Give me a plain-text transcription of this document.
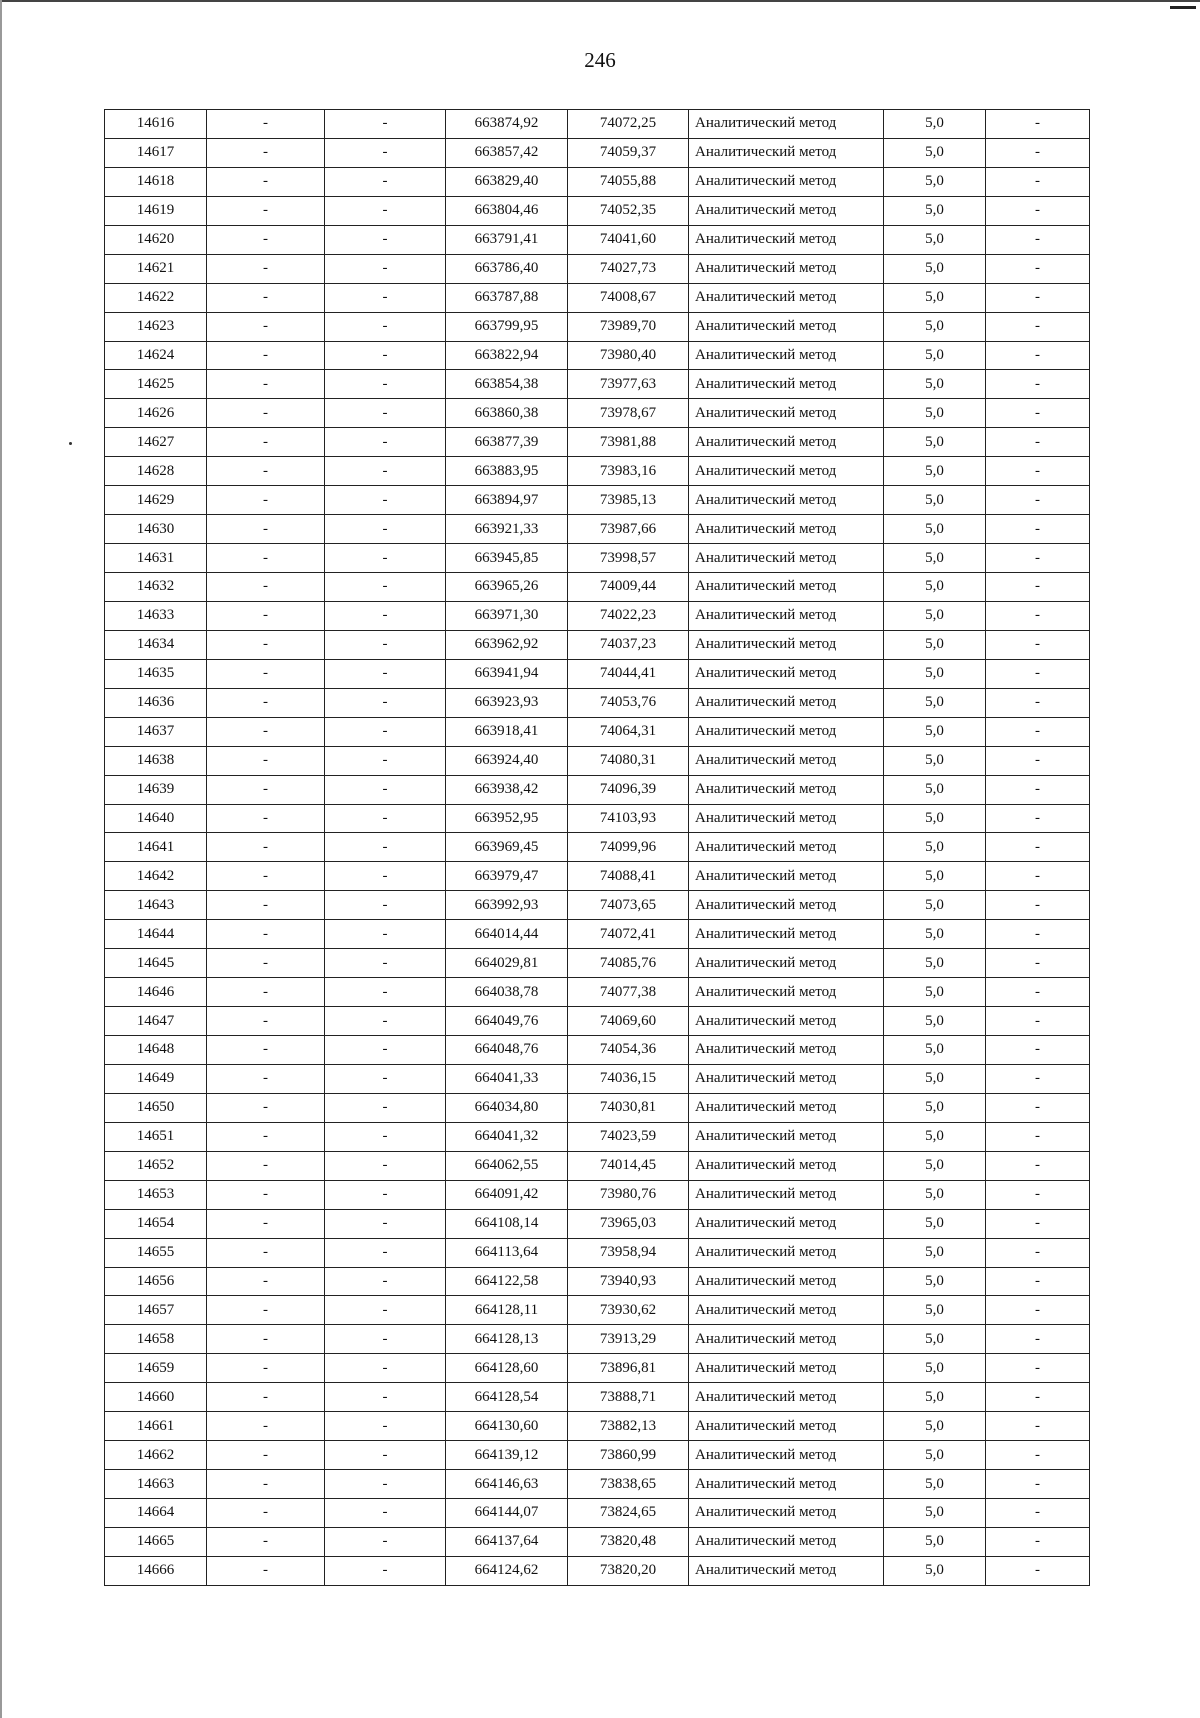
246
14616	-	-	663874,92	74072,25	Аналитический метод	5,0	-
14617	-	-	663857,42	74059,37	Аналитический метод	5,0	-
14618	-	-	663829,40	74055,88	Аналитический метод	5,0	-
14619	-	-	663804,46	74052,35	Аналитический метод	5,0	-
14620	-	-	663791,41	74041,60	Аналитический метод	5,0	-
14621	-	-	663786,40	74027,73	Аналитический метод	5,0	-
14622	-	-	663787,88	74008,67	Аналитический метод	5,0	-
14623	-	-	663799,95	73989,70	Аналитический метод	5,0	-
14624	-	-	663822,94	73980,40	Аналитический метод	5,0	-
14625	-	-	663854,38	73977,63	Аналитический метод	5,0	-
14626	-	-	663860,38	73978,67	Аналитический метод	5,0	-
14627	-	-	663877,39	73981,88	Аналитический метод	5,0	-
14628	-	-	663883,95	73983,16	Аналитический метод	5,0	-
14629	-	-	663894,97	73985,13	Аналитический метод	5,0	-
14630	-	-	663921,33	73987,66	Аналитический метод	5,0	-
14631	-	-	663945,85	73998,57	Аналитический метод	5,0	-
14632	-	-	663965,26	74009,44	Аналитический метод	5,0	-
14633	-	-	663971,30	74022,23	Аналитический метод	5,0	-
14634	-	-	663962,92	74037,23	Аналитический метод	5,0	-
14635	-	-	663941,94	74044,41	Аналитический метод	5,0	-
14636	-	-	663923,93	74053,76	Аналитический метод	5,0	-
14637	-	-	663918,41	74064,31	Аналитический метод	5,0	-
14638	-	-	663924,40	74080,31	Аналитический метод	5,0	-
14639	-	-	663938,42	74096,39	Аналитический метод	5,0	-
14640	-	-	663952,95	74103,93	Аналитический метод	5,0	-
14641	-	-	663969,45	74099,96	Аналитический метод	5,0	-
14642	-	-	663979,47	74088,41	Аналитический метод	5,0	-
14643	-	-	663992,93	74073,65	Аналитический метод	5,0	-
14644	-	-	664014,44	74072,41	Аналитический метод	5,0	-
14645	-	-	664029,81	74085,76	Аналитический метод	5,0	-
14646	-	-	664038,78	74077,38	Аналитический метод	5,0	-
14647	-	-	664049,76	74069,60	Аналитический метод	5,0	-
14648	-	-	664048,76	74054,36	Аналитический метод	5,0	-
14649	-	-	664041,33	74036,15	Аналитический метод	5,0	-
14650	-	-	664034,80	74030,81	Аналитический метод	5,0	-
14651	-	-	664041,32	74023,59	Аналитический метод	5,0	-
14652	-	-	664062,55	74014,45	Аналитический метод	5,0	-
14653	-	-	664091,42	73980,76	Аналитический метод	5,0	-
14654	-	-	664108,14	73965,03	Аналитический метод	5,0	-
14655	-	-	664113,64	73958,94	Аналитический метод	5,0	-
14656	-	-	664122,58	73940,93	Аналитический метод	5,0	-
14657	-	-	664128,11	73930,62	Аналитический метод	5,0	-
14658	-	-	664128,13	73913,29	Аналитический метод	5,0	-
14659	-	-	664128,60	73896,81	Аналитический метод	5,0	-
14660	-	-	664128,54	73888,71	Аналитический метод	5,0	-
14661	-	-	664130,60	73882,13	Аналитический метод	5,0	-
14662	-	-	664139,12	73860,99	Аналитический метод	5,0	-
14663	-	-	664146,63	73838,65	Аналитический метод	5,0	-
14664	-	-	664144,07	73824,65	Аналитический метод	5,0	-
14665	-	-	664137,64	73820,48	Аналитический метод	5,0	-
14666	-	-	664124,62	73820,20	Аналитический метод	5,0	-
